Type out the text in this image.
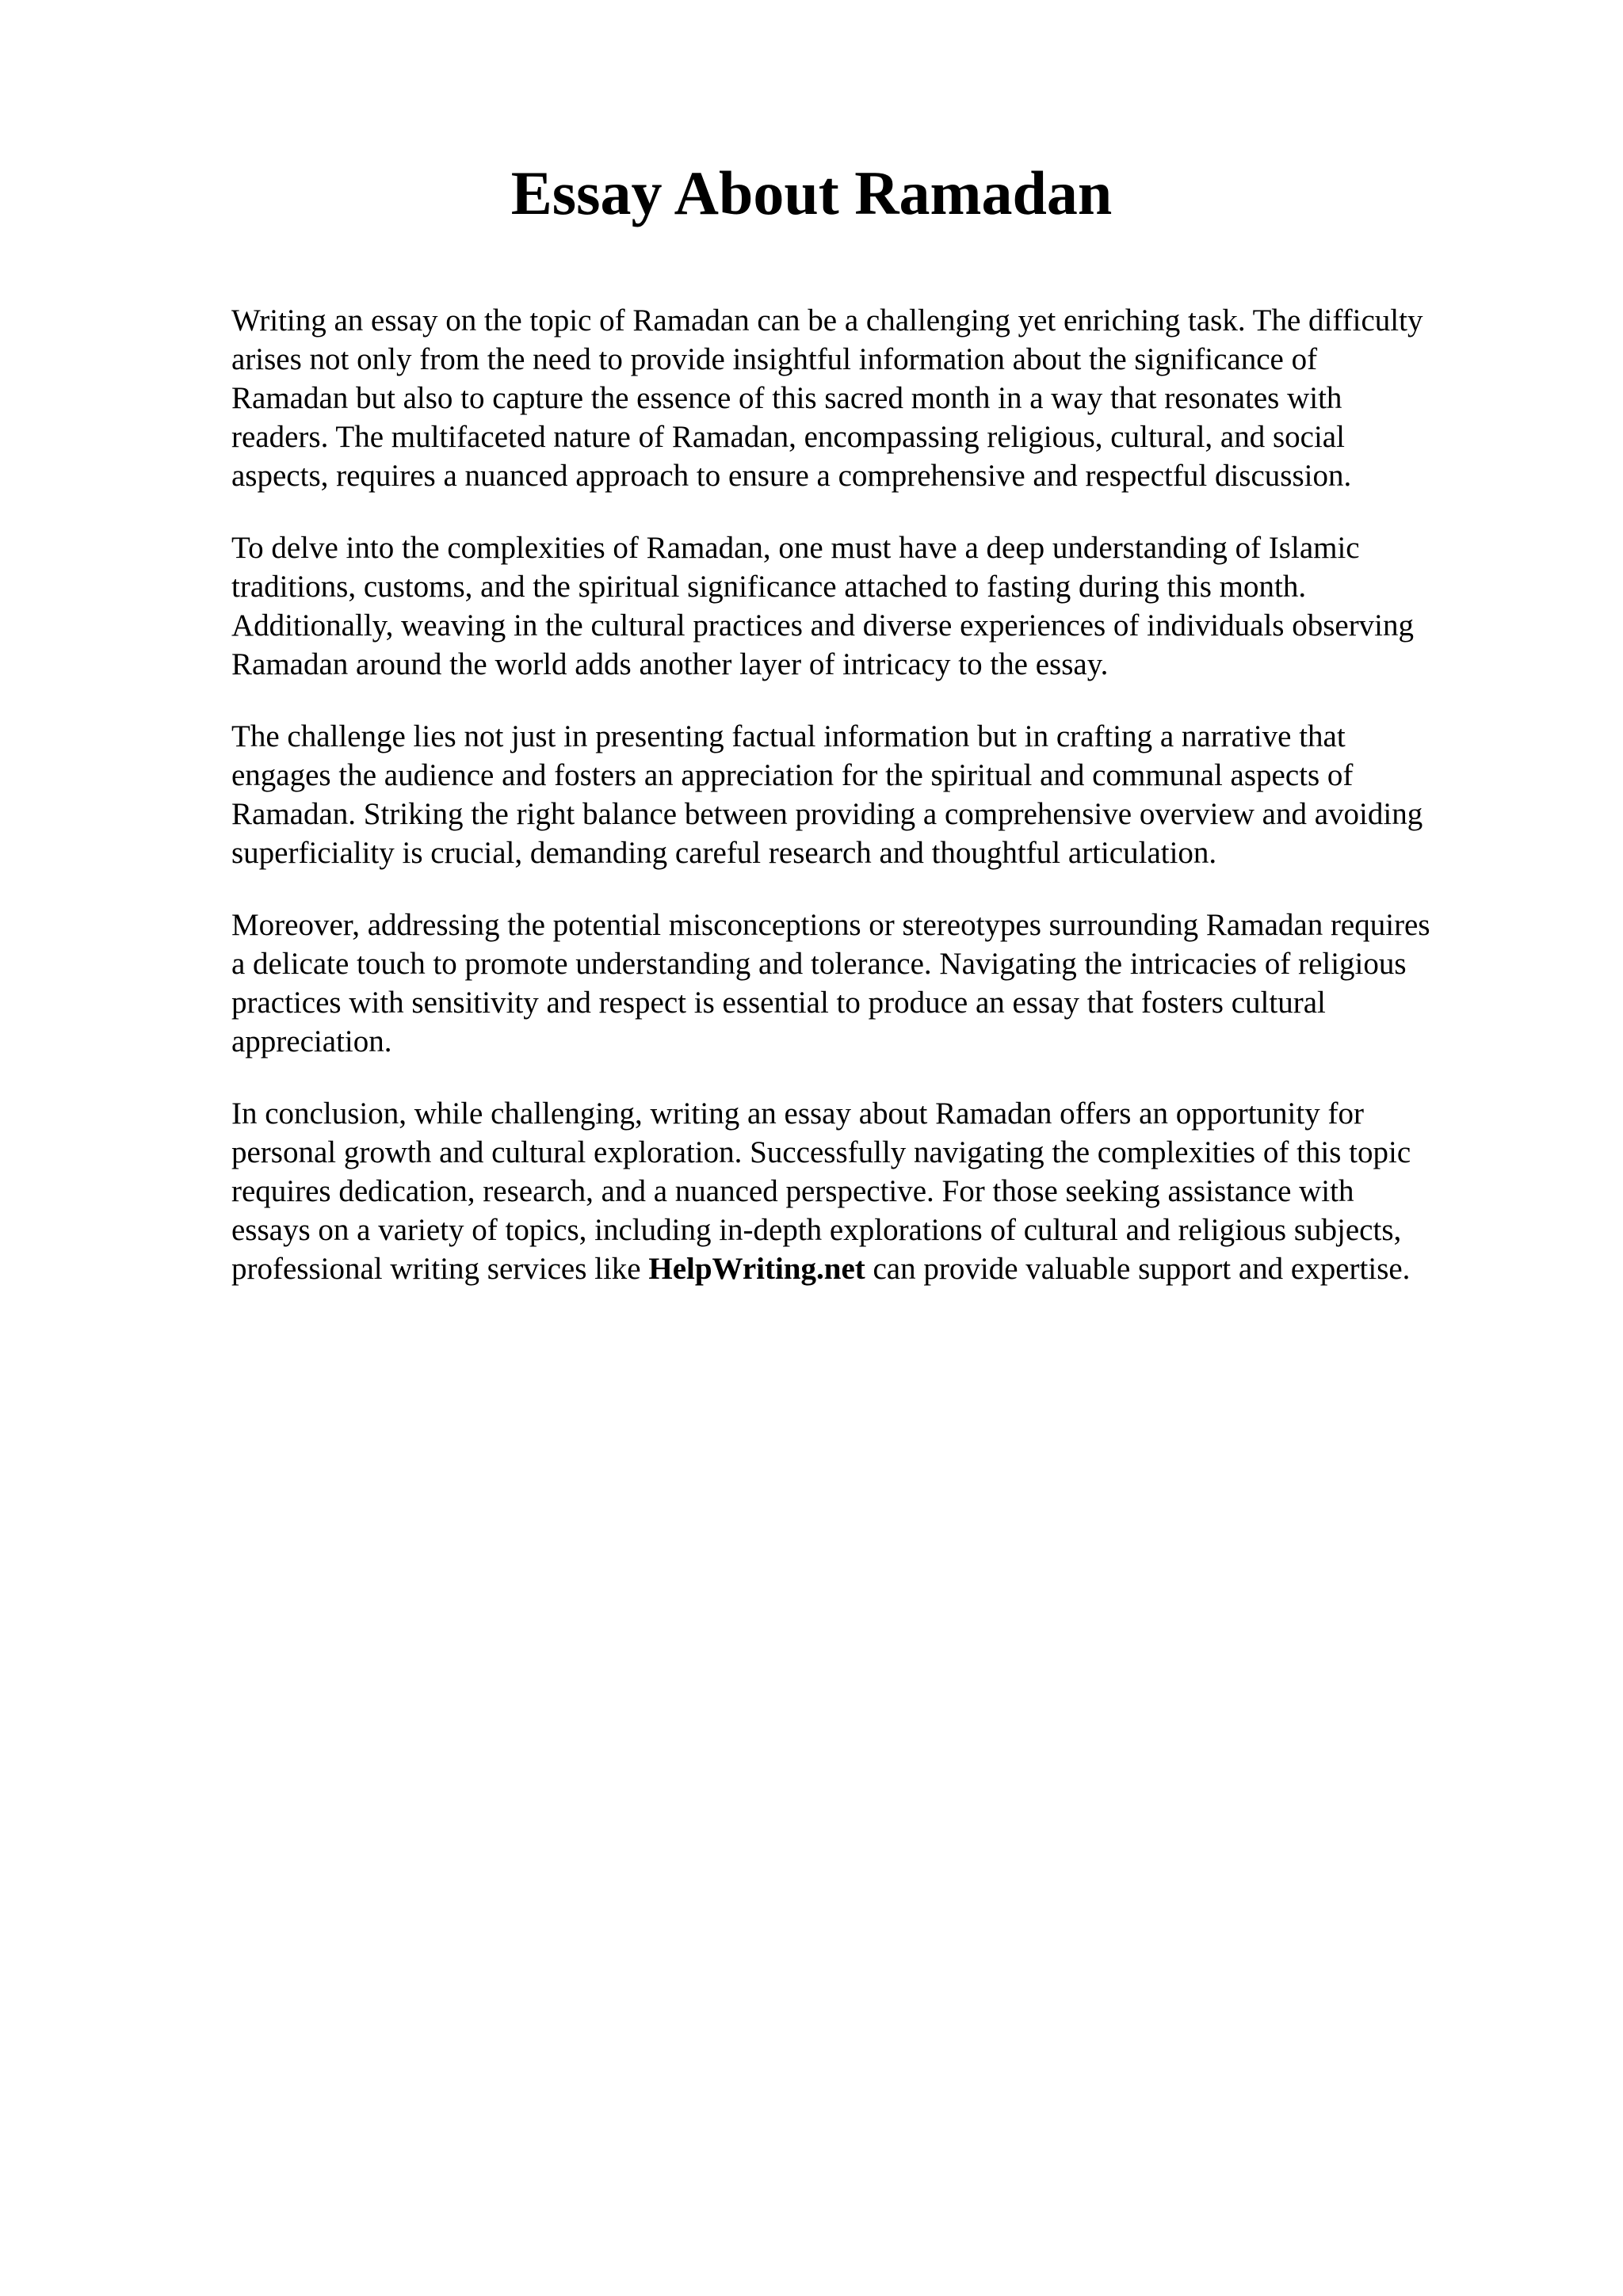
Essay About Ramadan

Writing an essay on the topic of Ramadan can be a challenging yet enriching task. The difficulty
arises not only from the need to provide insightful information about the significance of
Ramadan but also to capture the essence of this sacred month in a way that resonates with
readers. The multifaceted nature of Ramadan, encompassing religious, cultural, and social
aspects, requires a nuanced approach to ensure a comprehensive and respectful discussion.

To delve into the complexities of Ramadan, one must have a deep understanding of Islamic
traditions, customs, and the spiritual significance attached to fasting during this month.
Additionally, weaving in the cultural practices and diverse experiences of individuals observing
Ramadan around the world adds another layer of intricacy to the essay.

The challenge lies not just in presenting factual information but in crafting a narrative that
engages the audience and fosters an appreciation for the spiritual and communal aspects of
Ramadan. Striking the right balance between providing a comprehensive overview and avoiding
superficiality is crucial, demanding careful research and thoughtful articulation.

Moreover, addressing the potential misconceptions or stereotypes surrounding Ramadan requires
a delicate touch to promote understanding and tolerance. Navigating the intricacies of religious
practices with sensitivity and respect is essential to produce an essay that fosters cultural
appreciation.

In conclusion, while challenging, writing an essay about Ramadan offers an opportunity for
personal growth and cultural exploration. Successfully navigating the complexities of this topic
requires dedication, research, and a nuanced perspective. For those seeking assistance with
essays on a variety of topics, including in-depth explorations of cultural and religious subjects,
professional writing services like HelpWriting.net can provide valuable support and expertise.
